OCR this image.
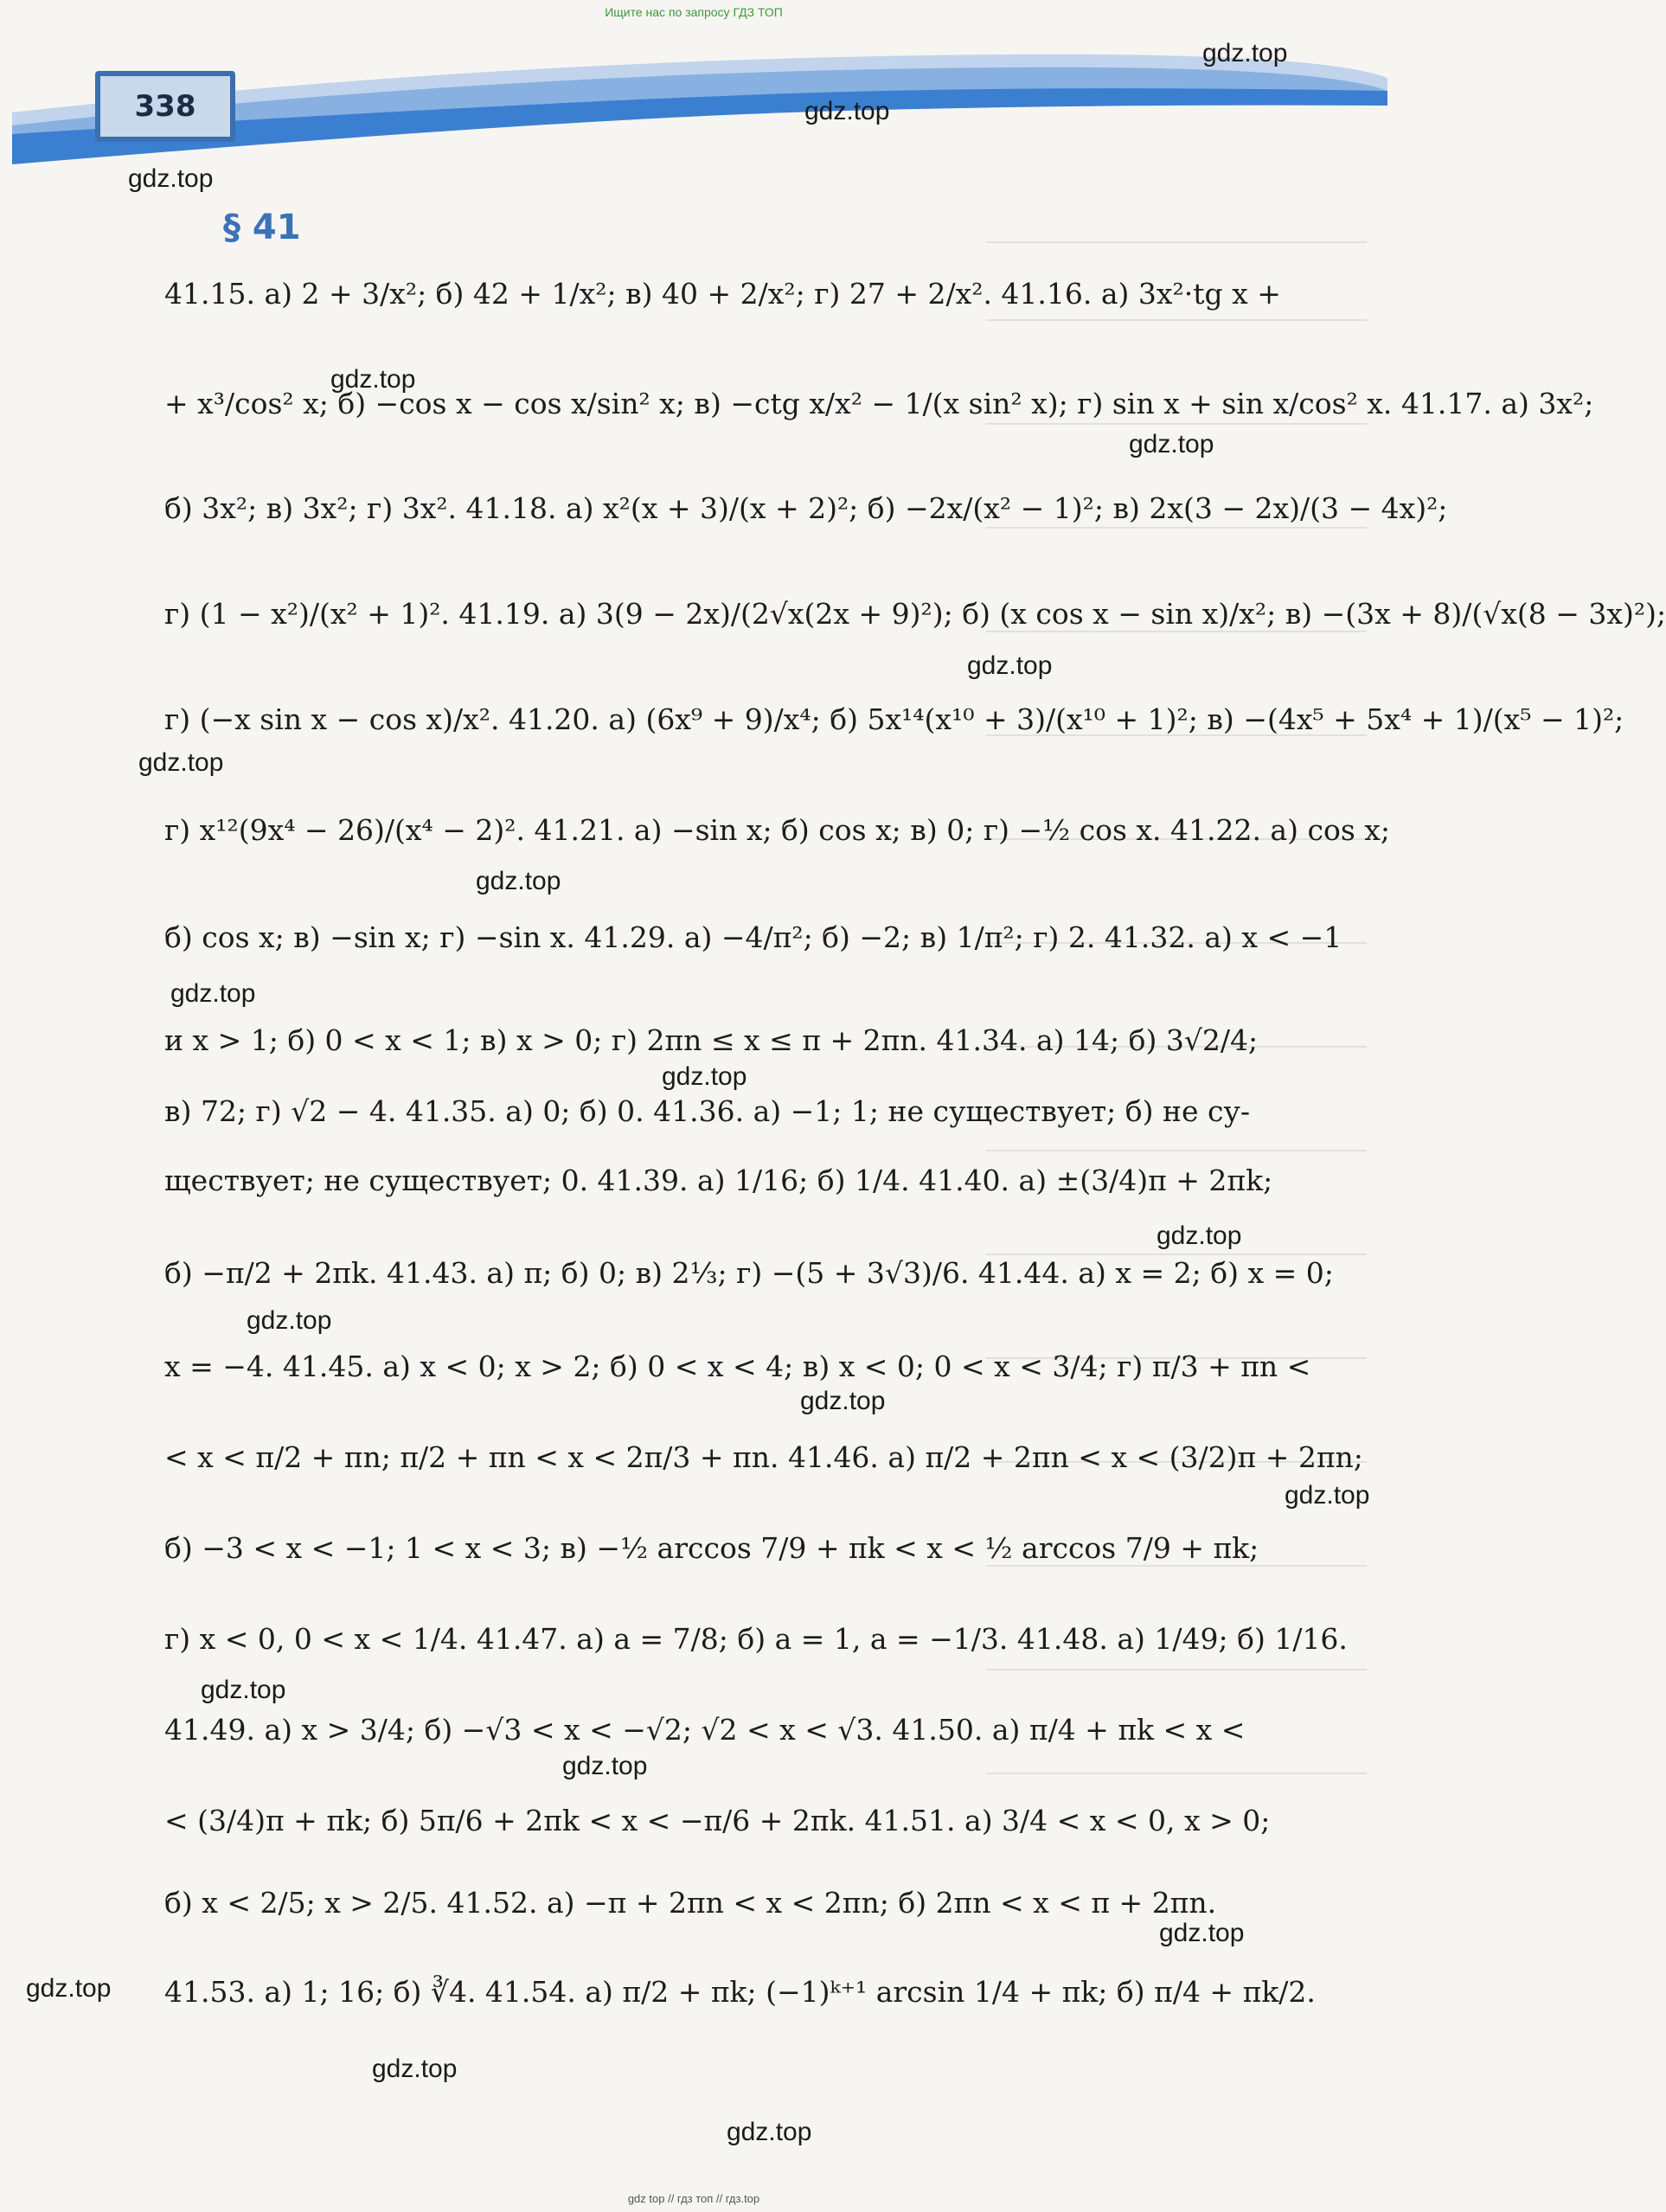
Ищите нас по запросу ГДЗ ТОП
338
§ 41
41.15. а) 2 + 3/x²; б) 42 + 1/x²; в) 40 + 2/x²; г) 27 + 2/x². 41.16. а) 3x²·tg x +
+ x³/cos² x; б) −cos x − cos x/sin² x; в) −ctg x/x² − 1/(x sin² x); г) sin x + sin x/cos² x. 41.17. а) 3x²;
б) 3x²; в) 3x²; г) 3x². 41.18. а) x²(x + 3)/(x + 2)²; б) −2x/(x² − 1)²; в) 2x(3 − 2x)/(3 − 4x)²;
г) (1 − x²)/(x² + 1)². 41.19. а) 3(9 − 2x)/(2√x(2x + 9)²); б) (x cos x − sin x)/x²; в) −(3x + 8)/(√x(8 − 3x)²);
г) (−x sin x − cos x)/x². 41.20. а) (6x⁹ + 9)/x⁴; б) 5x¹⁴(x¹⁰ + 3)/(x¹⁰ + 1)²; в) −(4x⁵ + 5x⁴ + 1)/(x⁵ − 1)²;
г) x¹²(9x⁴ − 26)/(x⁴ − 2)². 41.21. а) −sin x; б) cos x; в) 0; г) −½ cos x. 41.22. а) cos x;
б) cos x; в) −sin x; г) −sin x. 41.29. а) −4/π²; б) −2; в) 1/π²; г) 2. 41.32. а) x < −1
и x > 1; б) 0 < x < 1; в) x > 0; г) 2πn ≤ x ≤ π + 2πn. 41.34. а) 14; б) 3√2/4;
в) 72; г) √2 − 4. 41.35. а) 0; б) 0. 41.36. а) −1; 1; не существует; б) не су-
ществует; не существует; 0. 41.39. а) 1/16; б) 1/4. 41.40. а) ±(3/4)π + 2πk;
б) −π/2 + 2πk. 41.43. а) π; б) 0; в) 2⅓; г) −(5 + 3√3)/6. 41.44. а) x = 2; б) x = 0;
x = −4. 41.45. а) x < 0; x > 2; б) 0 < x < 4; в) x < 0; 0 < x < 3/4; г) π/3 + πn <
< x < π/2 + πn; π/2 + πn < x < 2π/3 + πn. 41.46. а) π/2 + 2πn < x < (3/2)π + 2πn;
б) −3 < x < −1; 1 < x < 3; в) −½ arccos 7/9 + πk < x < ½ arccos 7/9 + πk;
г) x < 0, 0 < x < 1/4. 41.47. а) a = 7/8; б) a = 1, a = −1/3. 41.48. а) 1/49; б) 1/16.
41.49. а) x > 3/4; б) −√3 < x < −√2; √2 < x < √3. 41.50. а) π/4 + πk < x <
< (3/4)π + πk; б) 5π/6 + 2πk < x < −π/6 + 2πk. 41.51. а) 3/4 < x < 0, x > 0;
б) x < 2/5; x > 2/5. 41.52. а) −π + 2πn < x < 2πn; б) 2πn < x < π + 2πn.
41.53. а) 1; 16; б) ∛4. 41.54. а) π/2 + πk; (−1)ᵏ⁺¹ arcsin 1/4 + πk; б) π/4 + πk/2.
gdz.top
gdz.top
gdz.top
gdz.top
gdz.top
gdz.top
gdz.top
gdz.top
gdz.top
gdz.top
gdz.top
gdz.top
gdz.top
gdz.top
gdz.top
gdz.top
gdz.top
gdz.top
gdz.top
gdz.top
gdz top // гдз топ // гдз.top
